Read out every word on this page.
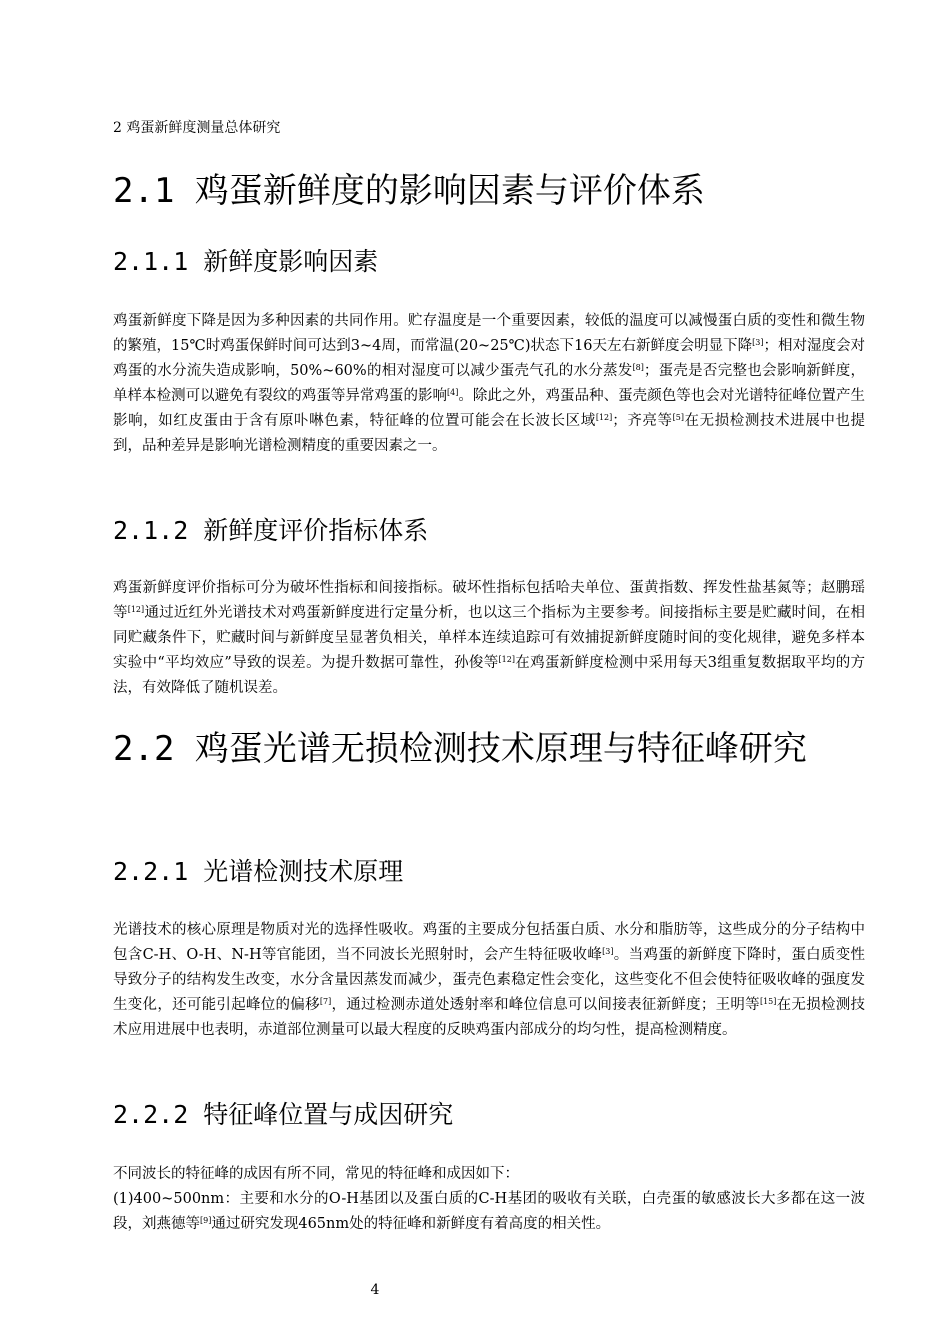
2 鸡蛋新鲜度测量总体研究
2.1 鸡蛋新鲜度的影响因素与评价体系
2.1.1 新鲜度影响因素

鸡蛋新鲜度下降是因为多种因素的共同作用。贮存温度是一个重要因素，较低的温度可以减慢蛋白质的变性和微生物的繁殖，15℃时鸡蛋保鲜时间可达到3~4周，而常温(20~25℃)状态下16天左右新鲜度会明显下降[3]；相对湿度会对鸡蛋的水分流失造成影响，50%~60%的相对湿度可以减少蛋壳气孔的水分蒸发[8]；蛋壳是否完整也会影响新鲜度，单样本检测可以避免有裂纹的鸡蛋等异常鸡蛋的影响[4]。除此之外，鸡蛋品种、蛋壳颜色等也会对光谱特征峰位置产生影响，如红皮蛋由于含有原卟啉色素，特征峰的位置可能会在长波长区域[12]；齐亮等[5]在无损检测技术进展中也提到，品种差异是影响光谱检测精度的重要因素之一。

2.1.2 新鲜度评价指标体系

鸡蛋新鲜度评价指标可分为破坏性指标和间接指标。破坏性指标包括哈夫单位、蛋黄指数、挥发性盐基氮等；赵鹏瑶等[12]通过近红外光谱技术对鸡蛋新鲜度进行定量分析，也以这三个指标为主要参考。间接指标主要是贮藏时间，在相同贮藏条件下，贮藏时间与新鲜度呈显著负相关，单样本连续追踪可有效捕捉新鲜度随时间的变化规律，避免多样本实验中“平均效应”导致的误差。为提升数据可靠性，孙俊等[12]在鸡蛋新鲜度检测中采用每天3组重复数据取平均的方法，有效降低了随机误差。

2.2 鸡蛋光谱无损检测技术原理与特征峰研究
2.2.1 光谱检测技术原理

光谱技术的核心原理是物质对光的选择性吸收。鸡蛋的主要成分包括蛋白质、水分和脂肪等，这些成分的分子结构中包含C-H、O-H、N-H等官能团，当不同波长光照射时，会产生特征吸收峰[3]。当鸡蛋的新鲜度下降时，蛋白质变性导致分子的结构发生改变，水分含量因蒸发而减少，蛋壳色素稳定性会变化，这些变化不但会使特征吸收峰的强度发生变化，还可能引起峰位的偏移[7]，通过检测赤道处透射率和峰位信息可以间接表征新鲜度；王明等[15]在无损检测技术应用进展中也表明，赤道部位测量可以最大程度的反映鸡蛋内部成分的均匀性，提高检测精度。

2.2.2 特征峰位置与成因研究

不同波长的特征峰的成因有所不同，常见的特征峰和成因如下：

(1)400~500nm：主要和水分的O-H基团以及蛋白质的C-H基团的吸收有关联，白壳蛋的敏感波长大多都在这一波段，刘燕德等[9]通过研究发现465nm处的特征峰和新鲜度有着高度的相关性。

4
